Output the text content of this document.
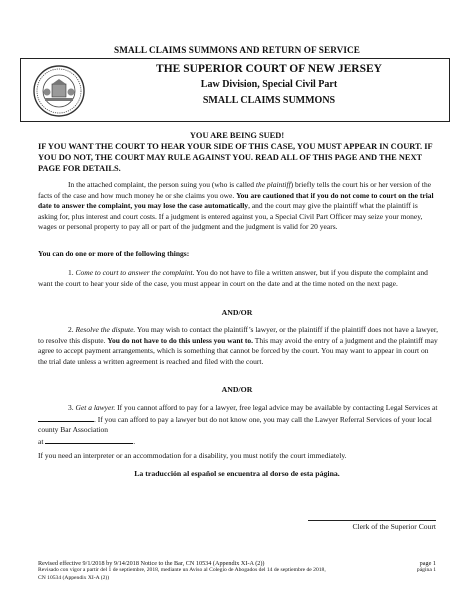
SMALL CLAIMS SUMMONS AND RETURN OF SERVICE
THE SUPERIOR COURT OF NEW JERSEY
Law Division, Special Civil Part
SMALL CLAIMS SUMMONS
YOU ARE BEING SUED!
IF YOU WANT THE COURT TO HEAR YOUR SIDE OF THIS CASE, YOU MUST APPEAR IN COURT. IF YOU DO NOT, THE COURT MAY RULE AGAINST YOU. READ ALL OF THIS PAGE AND THE NEXT PAGE FOR DETAILS.
In the attached complaint, the person suing you (who is called the plaintiff) briefly tells the court his or her version of the facts of the case and how much money he or she claims you owe. You are cautioned that if you do not come to court on the trial date to answer the complaint, you may lose the case automatically, and the court may give the plaintiff what the plaintiff is asking for, plus interest and court costs. If a judgment is entered against you, a Special Civil Part Officer may seize your money, wages or personal property to pay all or part of the judgment and the judgment is valid for 20 years.
You can do one or more of the following things:
1. Come to court to answer the complaint. You do not have to file a written answer, but if you dispute the complaint and want the court to hear your side of the case, you must appear in court on the date and at the time noted on the next page.
AND/OR
2. Resolve the dispute. You may wish to contact the plaintiff’s lawyer, or the plaintiff if the plaintiff does not have a lawyer, to resolve this dispute. You do not have to do this unless you want to. This may avoid the entry of a judgment and the plaintiff may agree to accept payment arrangements, which is something that cannot be forced by the court. You may want to appear in court on the trial date unless a written agreement is reached and filed with the court.
AND/OR
3. Get a lawyer. If you cannot afford to pay for a lawyer, free legal advice may be available by contacting Legal Services at . If you can afford to pay a lawyer but do not know one, you may call the Lawyer Referral Services of your local county Bar Association
at	.
If you need an interpreter or an accommodation for a disability, you must notify the court immediately.
La traducción al español se encuentra al dorso de esta página.
Clerk of the Superior Court
Revised effective 9/1/2018 by 9/14/2018 Notice to the Bar, CN 10534 (Appendix XI-A (2))
Revisado con vigor a partir del 1 de septiembre, 2018, mediante un Aviso al Colegio de Abogados del 14 de septiembre de 2018,
CN 10534 (Appendix XI-A (2))
page 1
página 1
